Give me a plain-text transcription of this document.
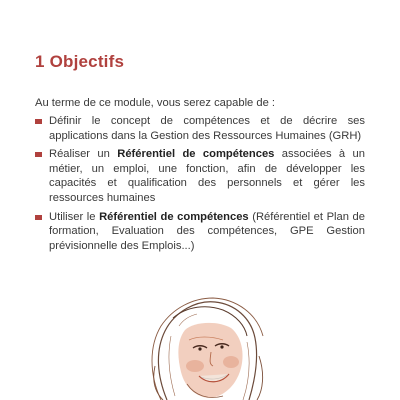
1 Objectifs
Au terme de ce module, vous serez capable de :
Définir le concept de compétences et de décrire ses applications dans la Gestion des Ressources Humaines (GRH)
Réaliser un Référentiel de compétences associées à un métier, un emploi, une fonction, afin de développer les capacités et qualification des personnels et gérer les ressources humaines
Utiliser le Référentiel de compétences (Référentiel et Plan de formation, Evaluation des compétences, GPE Gestion prévisionnelle des Emplois...)
